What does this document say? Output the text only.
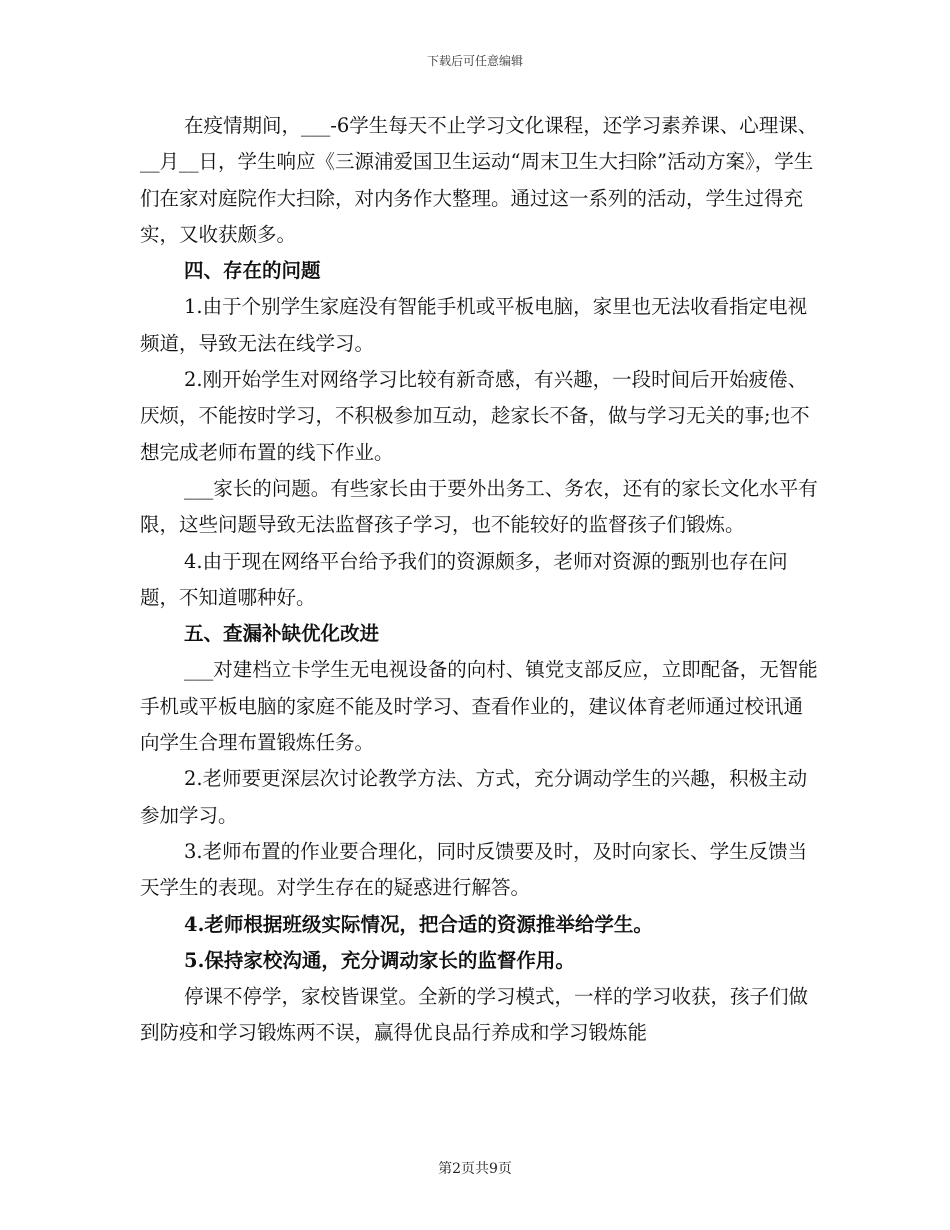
下载后可任意编辑

在疫情期间，___-6学生每天不止学习文化课程，还学习素养课、心理课、__月__日，学生响应《三源浦爱国卫生运动“周末卫生大扫除”活动方案》，学生们在家对庭院作大扫除，对内务作大整理。通过这一系列的活动，学生过得充实，又收获颇多。

四、存在的问题

1.由于个别学生家庭没有智能手机或平板电脑，家里也无法收看指定电视频道，导致无法在线学习。

2.刚开始学生对网络学习比较有新奇感，有兴趣，一段时间后开始疲倦、厌烦，不能按时学习，不积极参加互动，趁家长不备，做与学习无关的事;也不想完成老师布置的线下作业。

___家长的问题。有些家长由于要外出务工、务农，还有的家长文化水平有限，这些问题导致无法监督孩子学习，也不能较好的监督孩子们锻炼。

4.由于现在网络平台给予我们的资源颇多，老师对资源的甄别也存在问题，不知道哪种好。

五、查漏补缺优化改进

___对建档立卡学生无电视设备的向村、镇党支部反应，立即配备，无智能手机或平板电脑的家庭不能及时学习、查看作业的，建议体育老师通过校讯通向学生合理布置锻炼任务。

2.老师要更深层次讨论教学方法、方式，充分调动学生的兴趣，积极主动参加学习。

3.老师布置的作业要合理化，同时反馈要及时，及时向家长、学生反馈当天学生的表现。对学生存在的疑惑进行解答。

4.老师根据班级实际情况，把合适的资源推举给学生。

5.保持家校沟通，充分调动家长的监督作用。

停课不停学，家校皆课堂。全新的学习模式，一样的学习收获，孩子们做到防疫和学习锻炼两不误，赢得优良品行养成和学习锻炼能

第2页共9页
